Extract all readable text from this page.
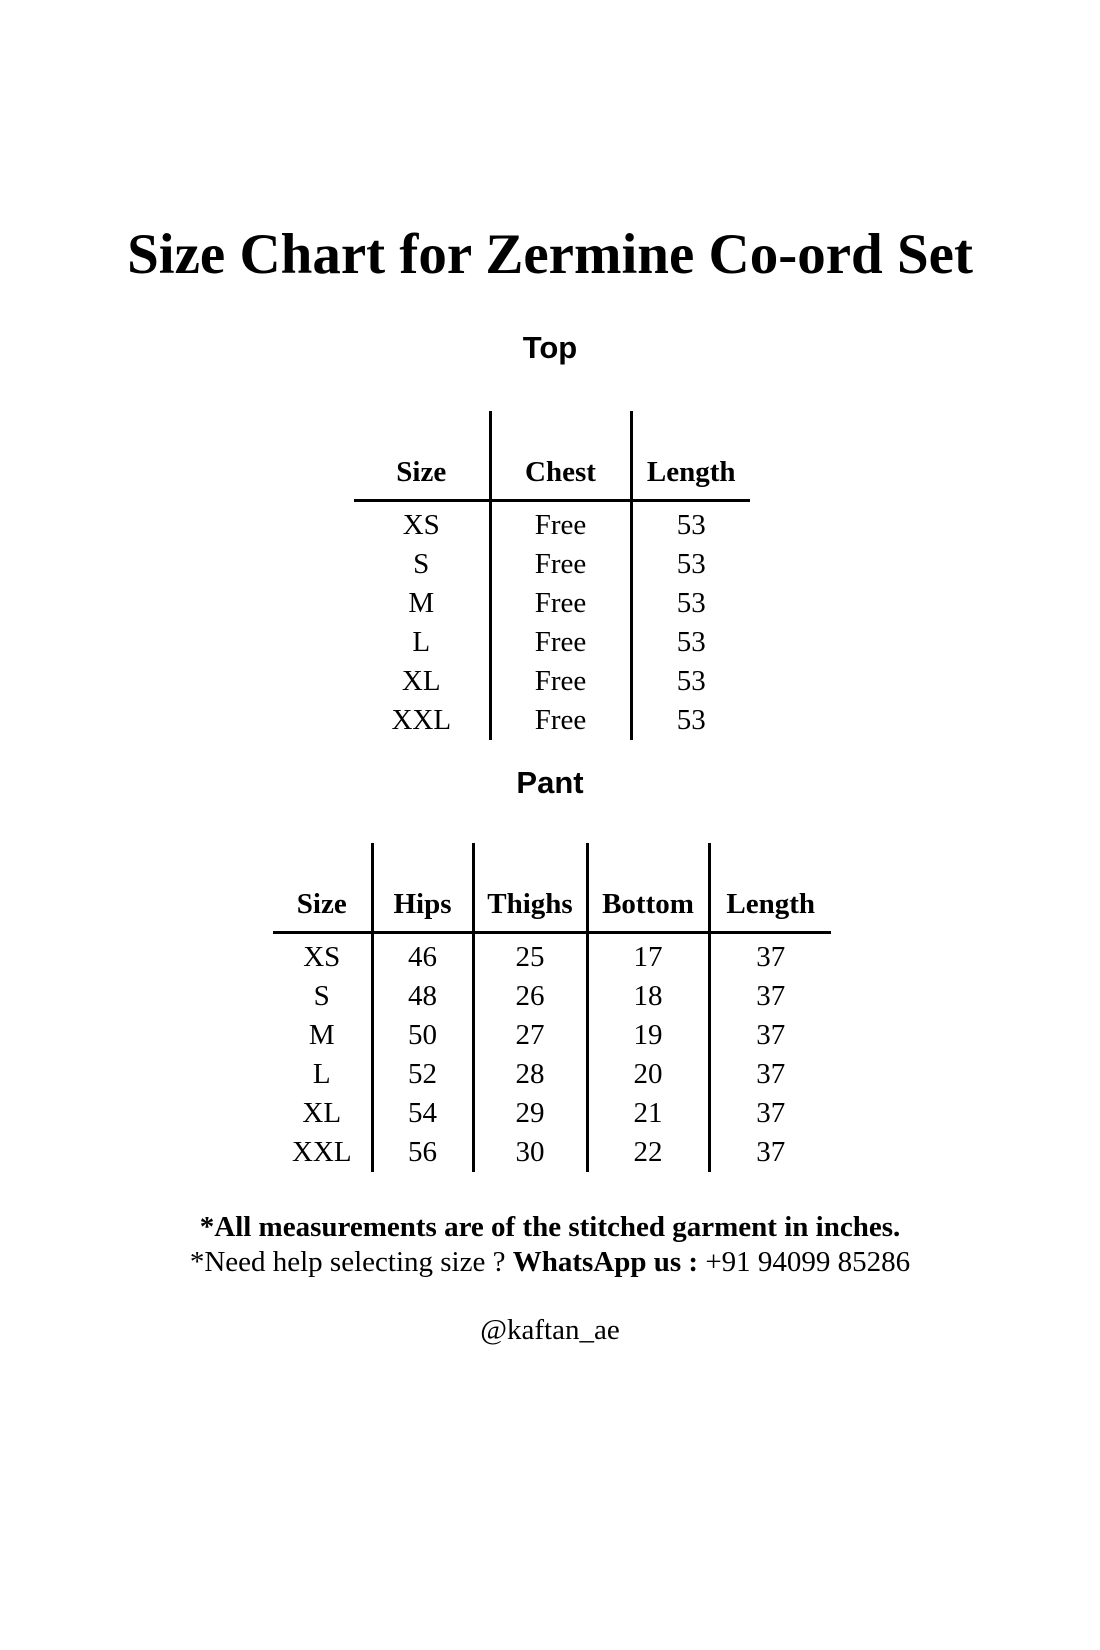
Size Chart for Zermine Co-ord Set
Top
Size	Chest	Length
XS	Free	53
S	Free	53
M	Free	53
L	Free	53
XL	Free	53
XXL	Free	53
Pant
Size	Hips	Thighs	Bottom	Length
XS	46	25	17	37
S	48	26	18	37
M	50	27	19	37
L	52	28	20	37
XL	54	29	21	37
XXL	56	30	22	37
*All measurements are of the stitched garment in inches.
*Need help selecting size ? WhatsApp us : +91 94099 85286
@kaftan_ae
